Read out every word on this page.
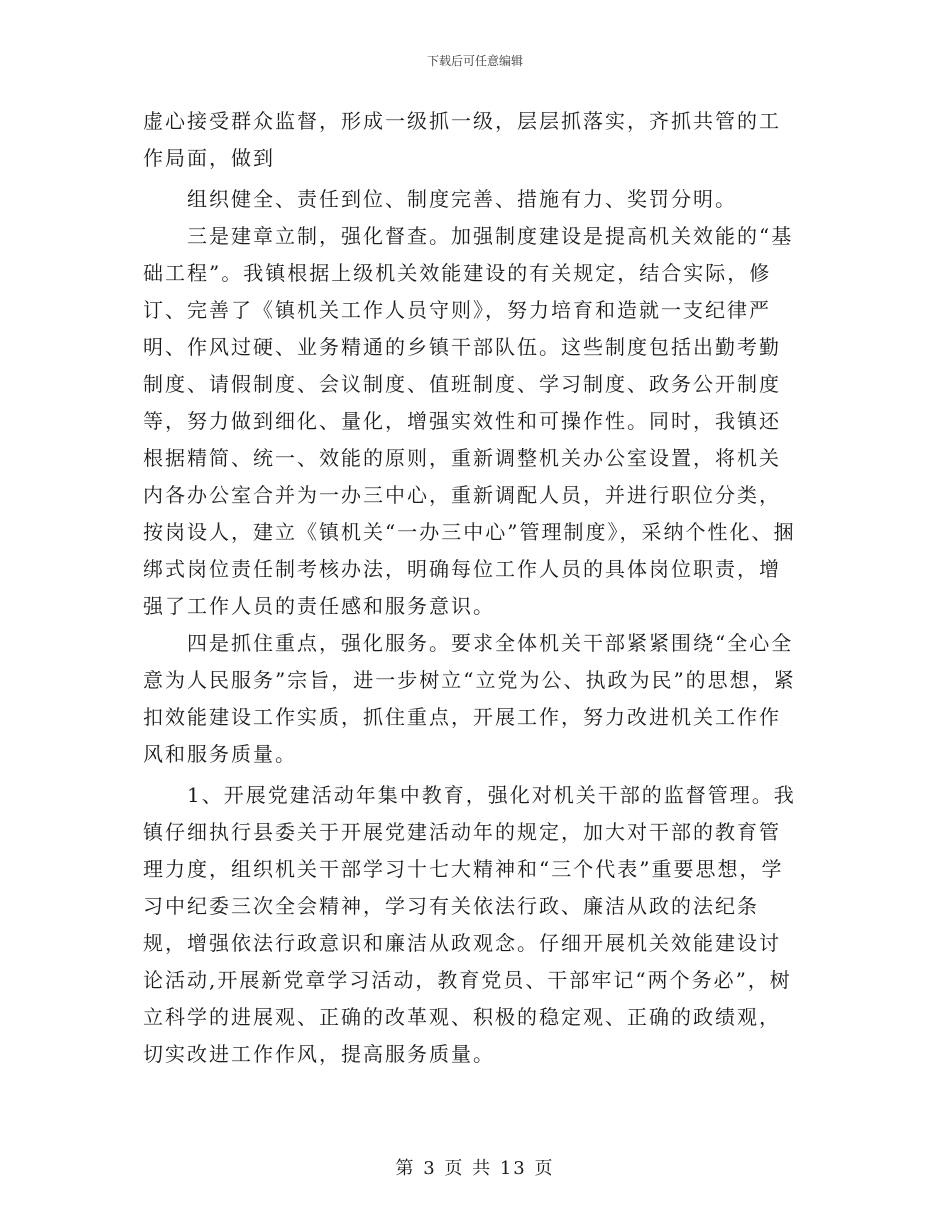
下载后可任意编辑

虚心接受群众监督，形成一级抓一级，层层抓落实，齐抓共管的工作局面，做到

组织健全、责任到位、制度完善、措施有力、奖罚分明。

三是建章立制，强化督查。加强制度建设是提高机关效能的“基础工程”。我镇根据上级机关效能建设的有关规定，结合实际，修订、完善了《镇机关工作人员守则》，努力培育和造就一支纪律严明、作风过硬、业务精通的乡镇干部队伍。这些制度包括出勤考勤制度、请假制度、会议制度、值班制度、学习制度、政务公开制度等，努力做到细化、量化，增强实效性和可操作性。同时，我镇还根据精简、统一、效能的原则，重新调整机关办公室设置，将机关内各办公室合并为一办三中心，重新调配人员，并进行职位分类，按岗设人，建立《镇机关“一办三中心”管理制度》，采纳个性化、捆绑式岗位责任制考核办法，明确每位工作人员的具体岗位职责，增强了工作人员的责任感和服务意识。

四是抓住重点，强化服务。要求全体机关干部紧紧围绕“全心全意为人民服务”宗旨，进一步树立“立党为公、执政为民”的思想，紧扣效能建设工作实质，抓住重点，开展工作，努力改进机关工作作风和服务质量。

1、开展党建活动年集中教育，强化对机关干部的监督管理。我镇仔细执行县委关于开展党建活动年的规定，加大对干部的教育管理力度，组织机关干部学习十七大精神和“三个代表”重要思想，学习中纪委三次全会精神，学习有关依法行政、廉洁从政的法纪条规，增强依法行政意识和廉洁从政观念。仔细开展机关效能建设讨论活动,开展新党章学习活动，教育党员、干部牢记“两个务必”，树立科学的进展观、正确的改革观、积极的稳定观、正确的政绩观，切实改进工作作风，提高服务质量。

第 3 页 共 13 页
